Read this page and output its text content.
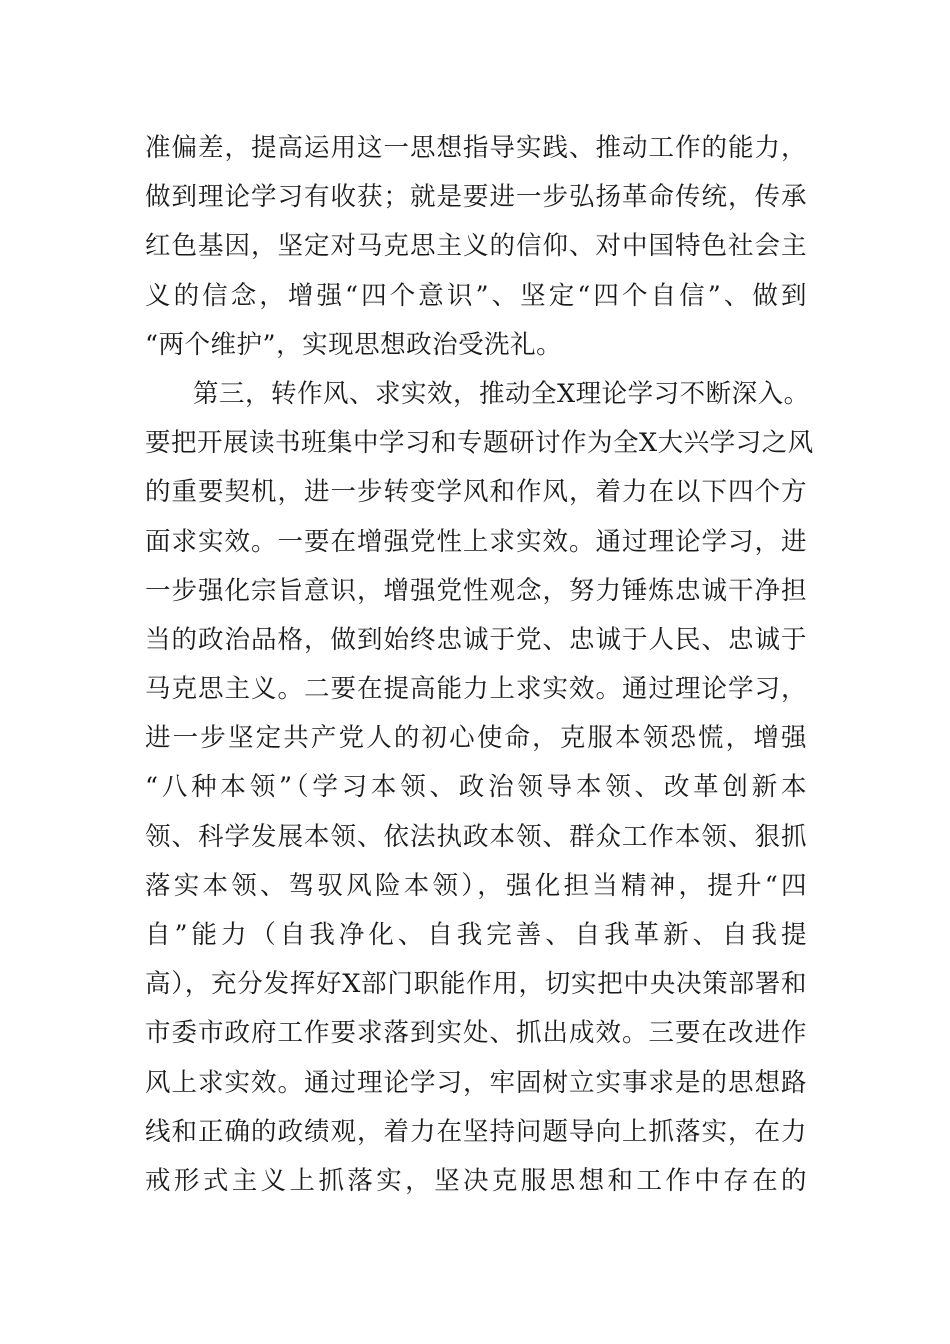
准偏差，提高运用这一思想指导实践、推动工作的能力，
做到理论学习有收获；就是要进一步弘扬革命传统，传承
红色基因，坚定对马克思主义的信仰、对中国特色社会主
义的信念，增强“四个意识”、坚定“四个自信”、做到
“两个维护”，实现思想政治受洗礼。
第三，转作风、求实效，推动全X理论学习不断深入。
要把开展读书班集中学习和专题研讨作为全X大兴学习之风
的重要契机，进一步转变学风和作风，着力在以下四个方
面求实效。一要在增强党性上求实效。通过理论学习，进
一步强化宗旨意识，增强党性观念，努力锤炼忠诚干净担
当的政治品格，做到始终忠诚于党、忠诚于人民、忠诚于
马克思主义。二要在提高能力上求实效。通过理论学习，
进一步坚定共产党人的初心使命，克服本领恐慌，增强
“八种本领”（学习本领、政治领导本领、改革创新本
领、科学发展本领、依法执政本领、群众工作本领、狠抓
落实本领、驾驭风险本领），强化担当精神，提升“四
自”能力（自我净化、自我完善、自我革新、自我提
高），充分发挥好X部门职能作用，切实把中央决策部署和
市委市政府工作要求落到实处、抓出成效。三要在改进作
风上求实效。通过理论学习，牢固树立实事求是的思想路
线和正确的政绩观，着力在坚持问题导向上抓落实，在力
戒形式主义上抓落实，坚决克服思想和工作中存在的
